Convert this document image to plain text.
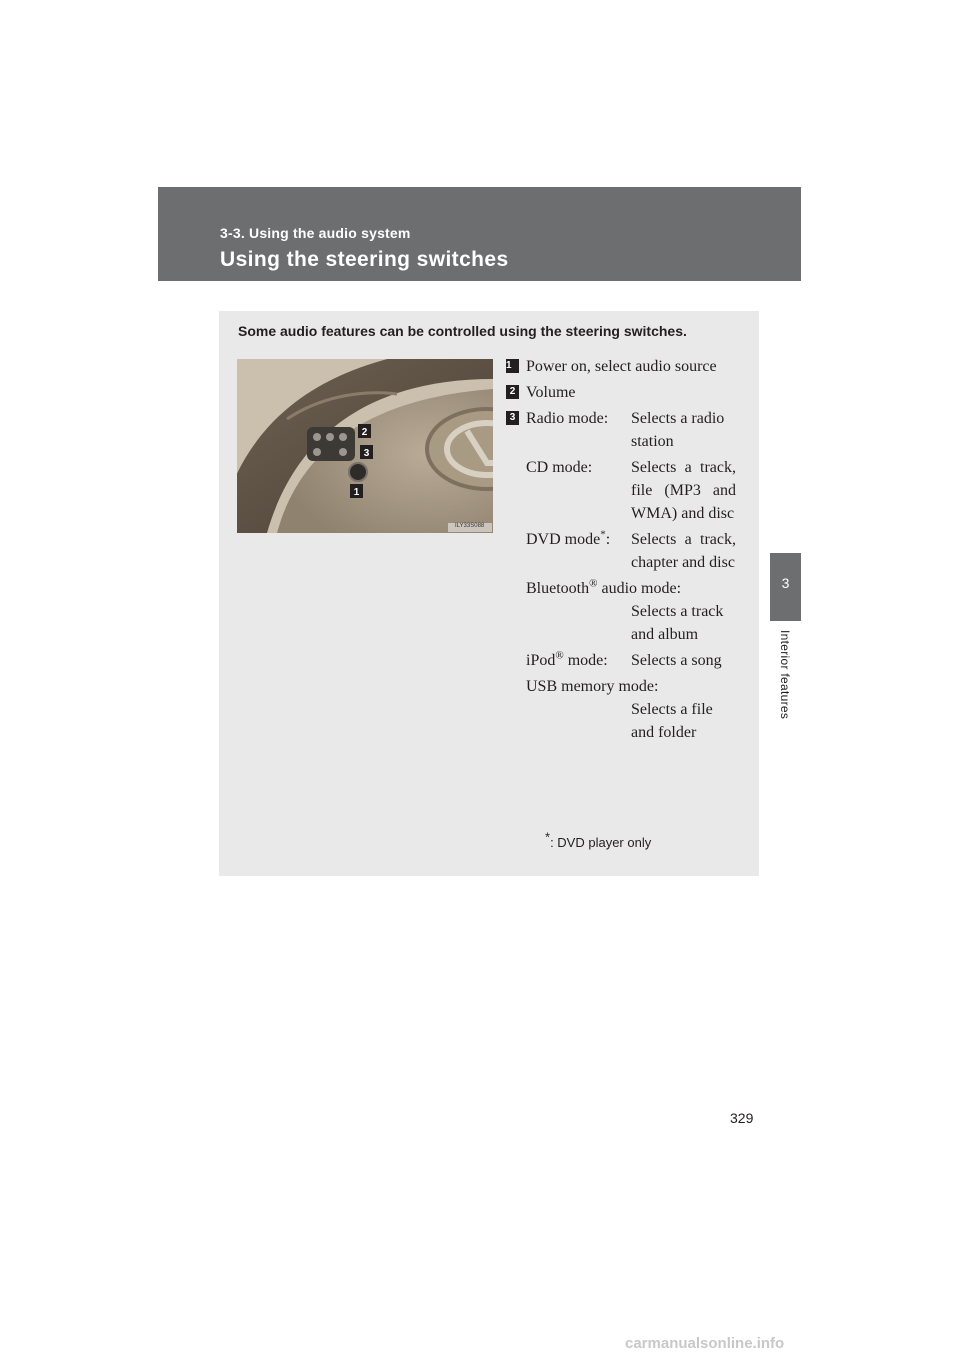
3-3. Using the audio system
Using the steering switches
3
Interior features
Some audio features can be controlled using the steering switches.
2
3
1
ILY33S088
1 Power on, select audio source
2 Volume
3 Radio mode:	Selects a radio station
CD mode:	Selects a track, file (MP3 and WMA) and disc
DVD mode*:	Selects a track, chapter and disc
Bluetooth® audio mode:
Selects a track and album
iPod® mode:	Selects a song
USB memory mode:
Selects a file and folder
*: DVD player only
329
carmanualsonline.info
